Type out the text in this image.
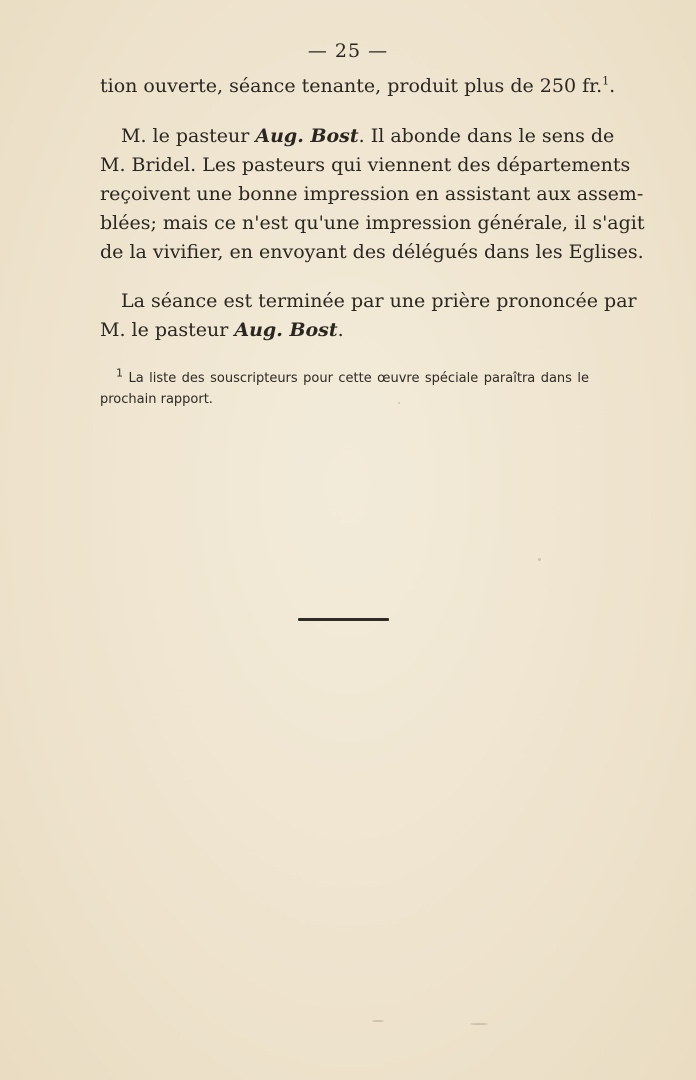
— 25 —
tion ouverte, séance tenante, produit plus de 250 fr.$^1$.
M. le pasteur Aug. Bost. Il abonde dans le sens de
M. Bridel. Les pasteurs qui viennent des départements
reçoivent une bonne impression en assistant aux assem-
blées; mais ce n'est qu'une impression générale, il s'agit
de la vivifier, en envoyant des délégués dans les Eglises.
La séance est terminée par une prière prononcée par
M. le pasteur Aug. Bost.
$^1$ La liste des souscripteurs pour cette œuvre spéciale paraîtra dans le
prochain rapport.
